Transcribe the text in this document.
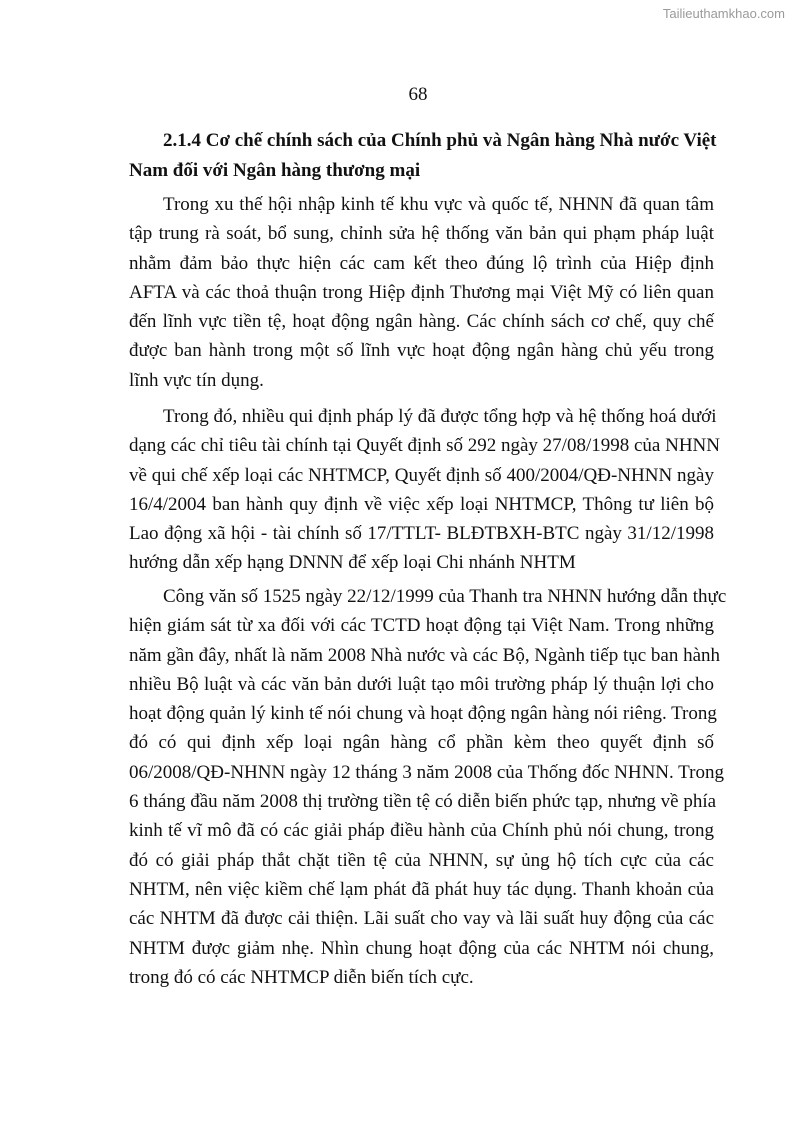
Tailieuthamkhao.com
68
2.1.4 Cơ chế chính sách của Chính phủ và Ngân hàng Nhà nước Việt
Nam đối với Ngân hàng thương mại
Trong xu thế hội nhập kinh tế khu vực và quốc tế, NHNN đã quan tâm
tập trung rà soát, bổ sung, chỉnh sửa hệ thống văn bản qui phạm pháp luật
nhằm đảm bảo thực hiện các cam kết theo đúng lộ trình của Hiệp định
AFTA và các thoả thuận trong Hiệp định Thương mại Việt Mỹ có liên quan
đến lĩnh vực tiền tệ, hoạt động ngân hàng. Các chính sách cơ chế, quy chế
được ban hành trong một số lĩnh vực hoạt động ngân hàng chủ yếu trong
lĩnh vực tín dụng.
Trong đó, nhiều qui định pháp lý đã được tổng hợp và hệ thống hoá dưới
dạng các chỉ tiêu tài chính tại Quyết định số 292 ngày 27/08/1998 của NHNN
về qui chế xếp loại các NHTMCP, Quyết định số 400/2004/QĐ-NHNN ngày
16/4/2004 ban hành quy định về việc xếp loại NHTMCP, Thông tư liên bộ
Lao động xã hội - tài chính số 17/TTLT- BLĐTBXH-BTC ngày 31/12/1998
hướng dẫn xếp hạng DNNN để xếp loại Chi nhánh NHTM
Công văn số 1525 ngày 22/12/1999 của Thanh tra NHNN hướng dẫn thực
hiện giám sát từ xa đối với các TCTD hoạt động tại Việt Nam. Trong những
năm gần đây, nhất là năm 2008 Nhà nước và các Bộ, Ngành tiếp tục ban hành
nhiều Bộ luật và các văn bản dưới luật tạo môi trường pháp lý thuận lợi cho
hoạt động quản lý kinh tế nói chung và hoạt động ngân hàng nói riêng. Trong
đó có qui định xếp loại ngân hàng cổ phần kèm theo quyết định số
06/2008/QĐ-NHNN ngày 12 tháng 3 năm 2008 của Thống đốc NHNN. Trong
6 tháng đầu năm 2008 thị trường tiền tệ có diễn biến phức tạp, nhưng về phía
kinh tế vĩ mô đã có các giải pháp điều hành của Chính phủ nói chung, trong
đó có giải pháp thắt chặt tiền tệ của NHNN, sự ủng hộ tích cực của các
NHTM, nên việc kiềm chế lạm phát đã phát huy tác dụng. Thanh khoản của
các NHTM đã được cải thiện. Lãi suất cho vay và lãi suất huy động của các
NHTM được giảm nhẹ. Nhìn chung hoạt động của các NHTM nói chung,
trong đó có các NHTMCP diễn biến tích cực.
